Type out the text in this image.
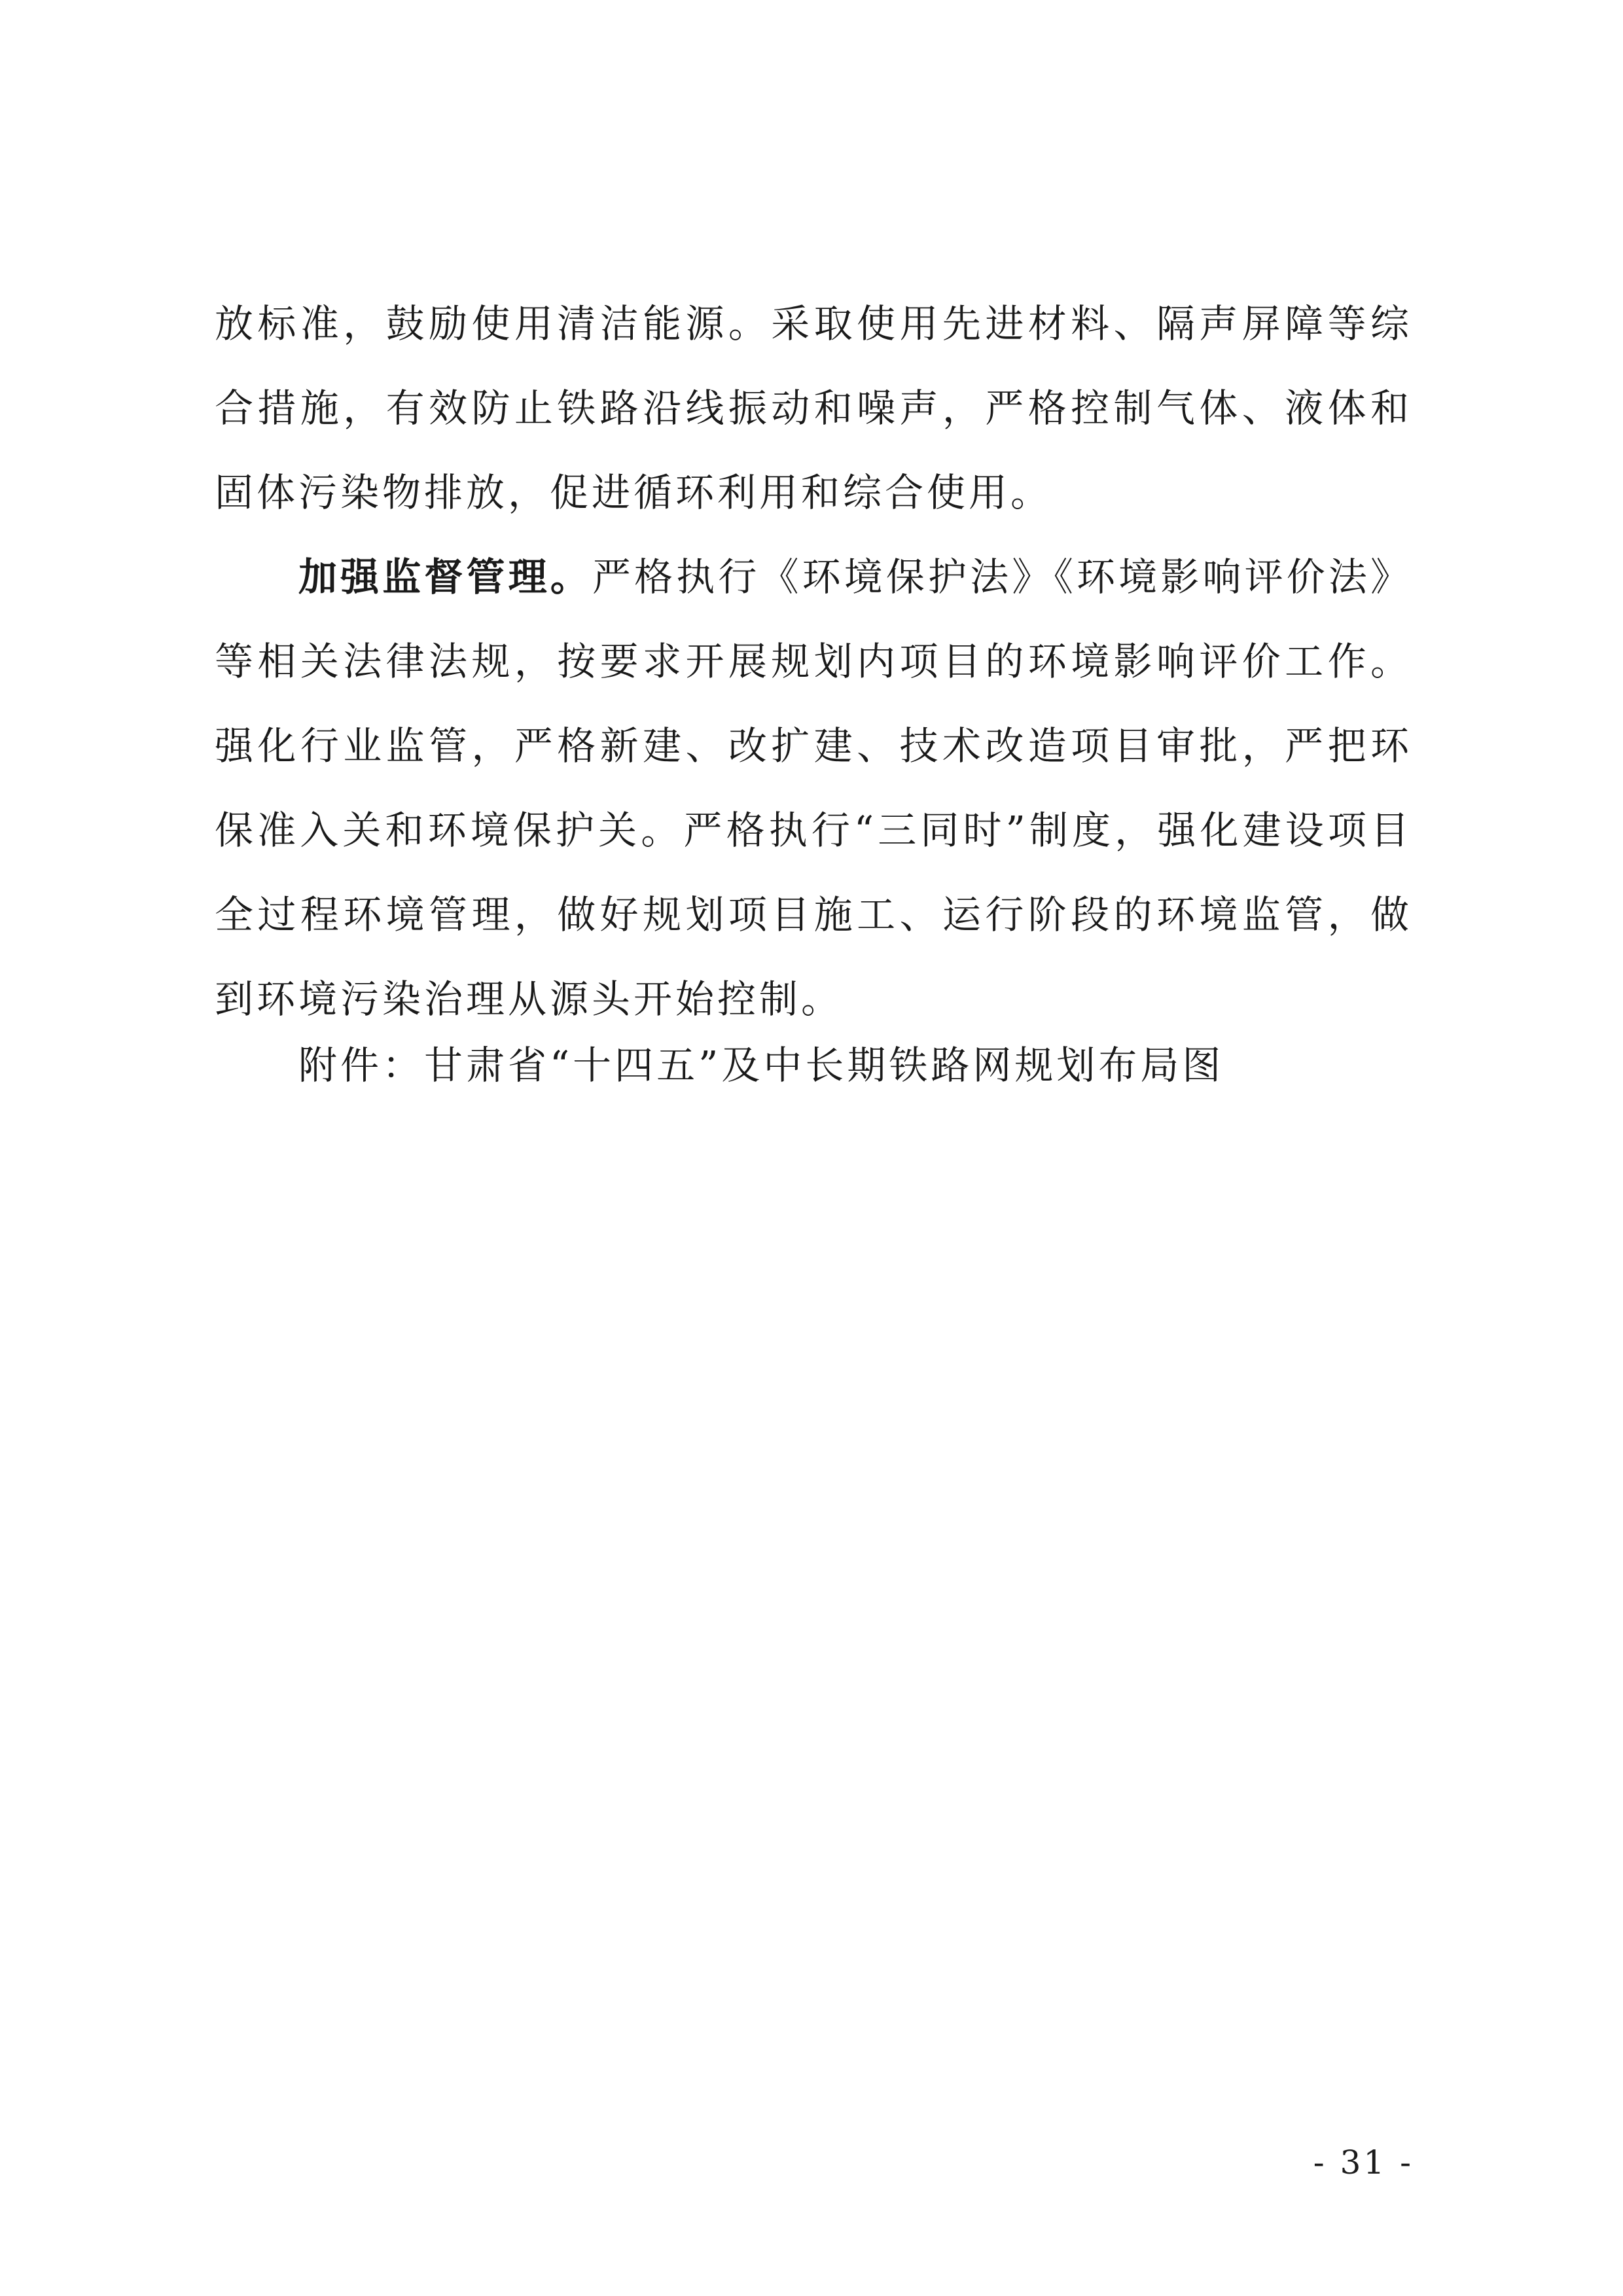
放标准，鼓励使用清洁能源。采取使用先进材料、隔声屏障等综合措施，有效防止铁路沿线振动和噪声，严格控制气体、液体和固体污染物排放，促进循环利用和综合使用。

加强监督管理。严格执行《环境保护法》《环境影响评价法》等相关法律法规，按要求开展规划内项目的环境影响评价工作。强化行业监管，严格新建、改扩建、技术改造项目审批，严把环保准入关和环境保护关。严格执行“三同时”制度，强化建设项目全过程环境管理，做好规划项目施工、运行阶段的环境监管，做到环境污染治理从源头开始控制。

附件：甘肃省“十四五”及中长期铁路网规划布局图

- 31 -
